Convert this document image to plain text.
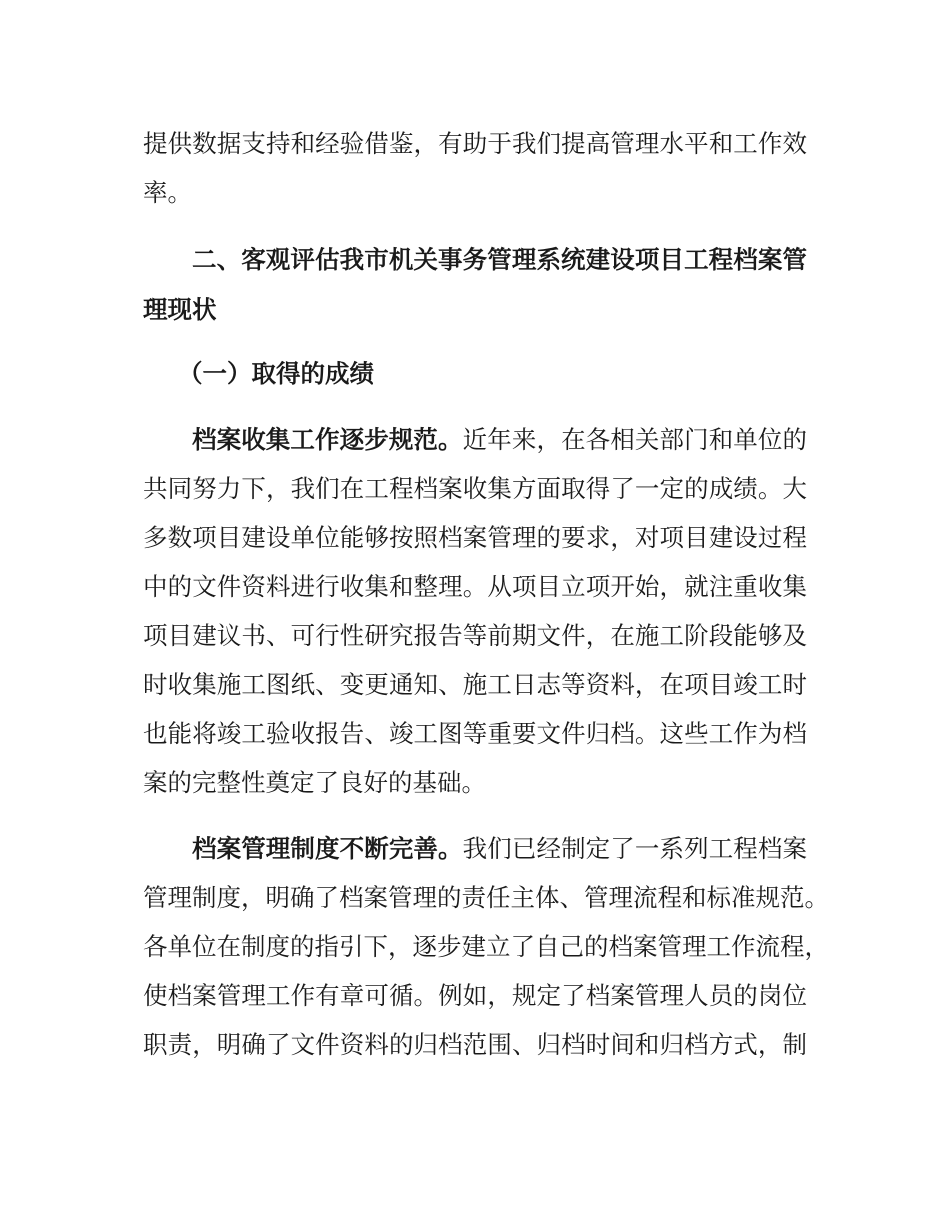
提供数据支持和经验借鉴，有助于我们提高管理水平和工作效
率。
二、客观评估我市机关事务管理系统建设项目工程档案管
理现状
（一）取得的成绩
档案收集工作逐步规范。近年来，在各相关部门和单位的
共同努力下，我们在工程档案收集方面取得了一定的成绩。大
多数项目建设单位能够按照档案管理的要求，对项目建设过程
中的文件资料进行收集和整理。从项目立项开始，就注重收集
项目建议书、可行性研究报告等前期文件，在施工阶段能够及
时收集施工图纸、变更通知、施工日志等资料，在项目竣工时
也能将竣工验收报告、竣工图等重要文件归档。这些工作为档
案的完整性奠定了良好的基础。
档案管理制度不断完善。我们已经制定了一系列工程档案
管理制度，明确了档案管理的责任主体、管理流程和标准规范。
各单位在制度的指引下，逐步建立了自己的档案管理工作流程，
使档案管理工作有章可循。例如，规定了档案管理人员的岗位
职责，明确了文件资料的归档范围、归档时间和归档方式，制
